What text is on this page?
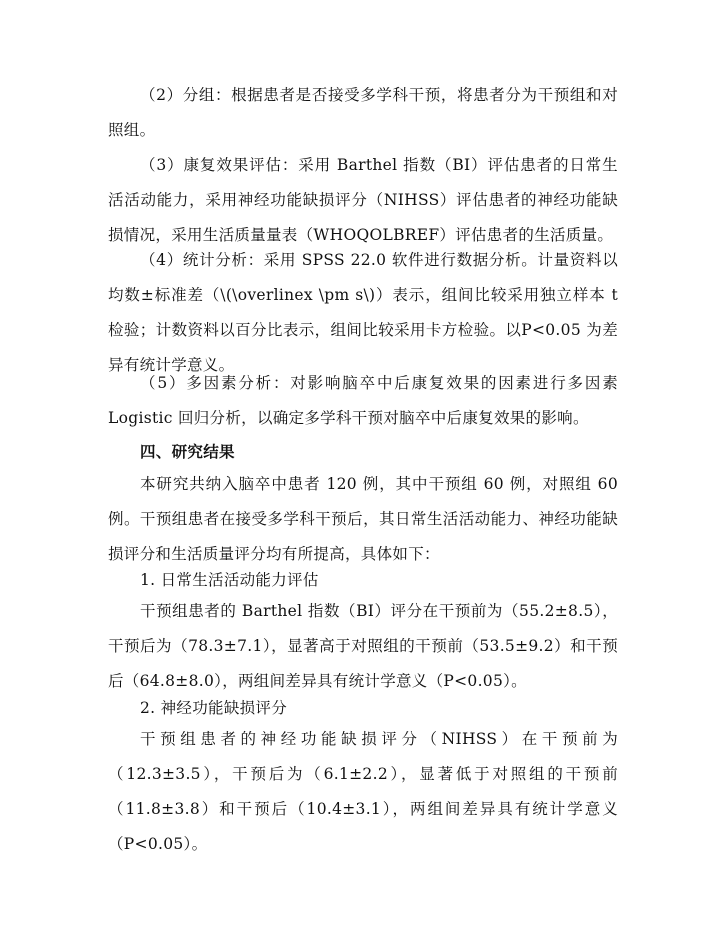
（2）分组：根据患者是否接受多学科干预，将患者分为干预组和对照组。

（3）康复效果评估：采用 Barthel 指数（BI）评估患者的日常生活活动能力，采用神经功能缺损评分（NIHSS）评估患者的神经功能缺损情况，采用生活质量量表（WHOQOLBREF）评估患者的生活质量。

（4）统计分析：采用 SPSS 22.0 软件进行数据分析。计量资料以均数±标准差（\(\overlinex \pm s\)）表示，组间比较采用独立样本 t 检验；计数资料以百分比表示，组间比较采用卡方检验。以P<0.05 为差异有统计学意义。

（5）多因素分析：对影响脑卒中后康复效果的因素进行多因素 Logistic 回归分析，以确定多学科干预对脑卒中后康复效果的影响。

四、研究结果

本研究共纳入脑卒中患者 120 例，其中干预组 60 例，对照组 60 例。干预组患者在接受多学科干预后，其日常生活活动能力、神经功能缺损评分和生活质量评分均有所提高，具体如下：

1. 日常生活活动能力评估

干预组患者的 Barthel 指数（BI）评分在干预前为（55.2±8.5），干预后为（78.3±7.1），显著高于对照组的干预前（53.5±9.2）和干预后（64.8±8.0），两组间差异具有统计学意义（P<0.05）。

2. 神经功能缺损评分

干预组患者的神经功能缺损评分（NIHSS）在干预前为（12.3±3.5），干预后为（6.1±2.2），显著低于对照组的干预前（11.8±3.8）和干预后（10.4±3.1），两组间差异具有统计学意义（P<0.05）。
